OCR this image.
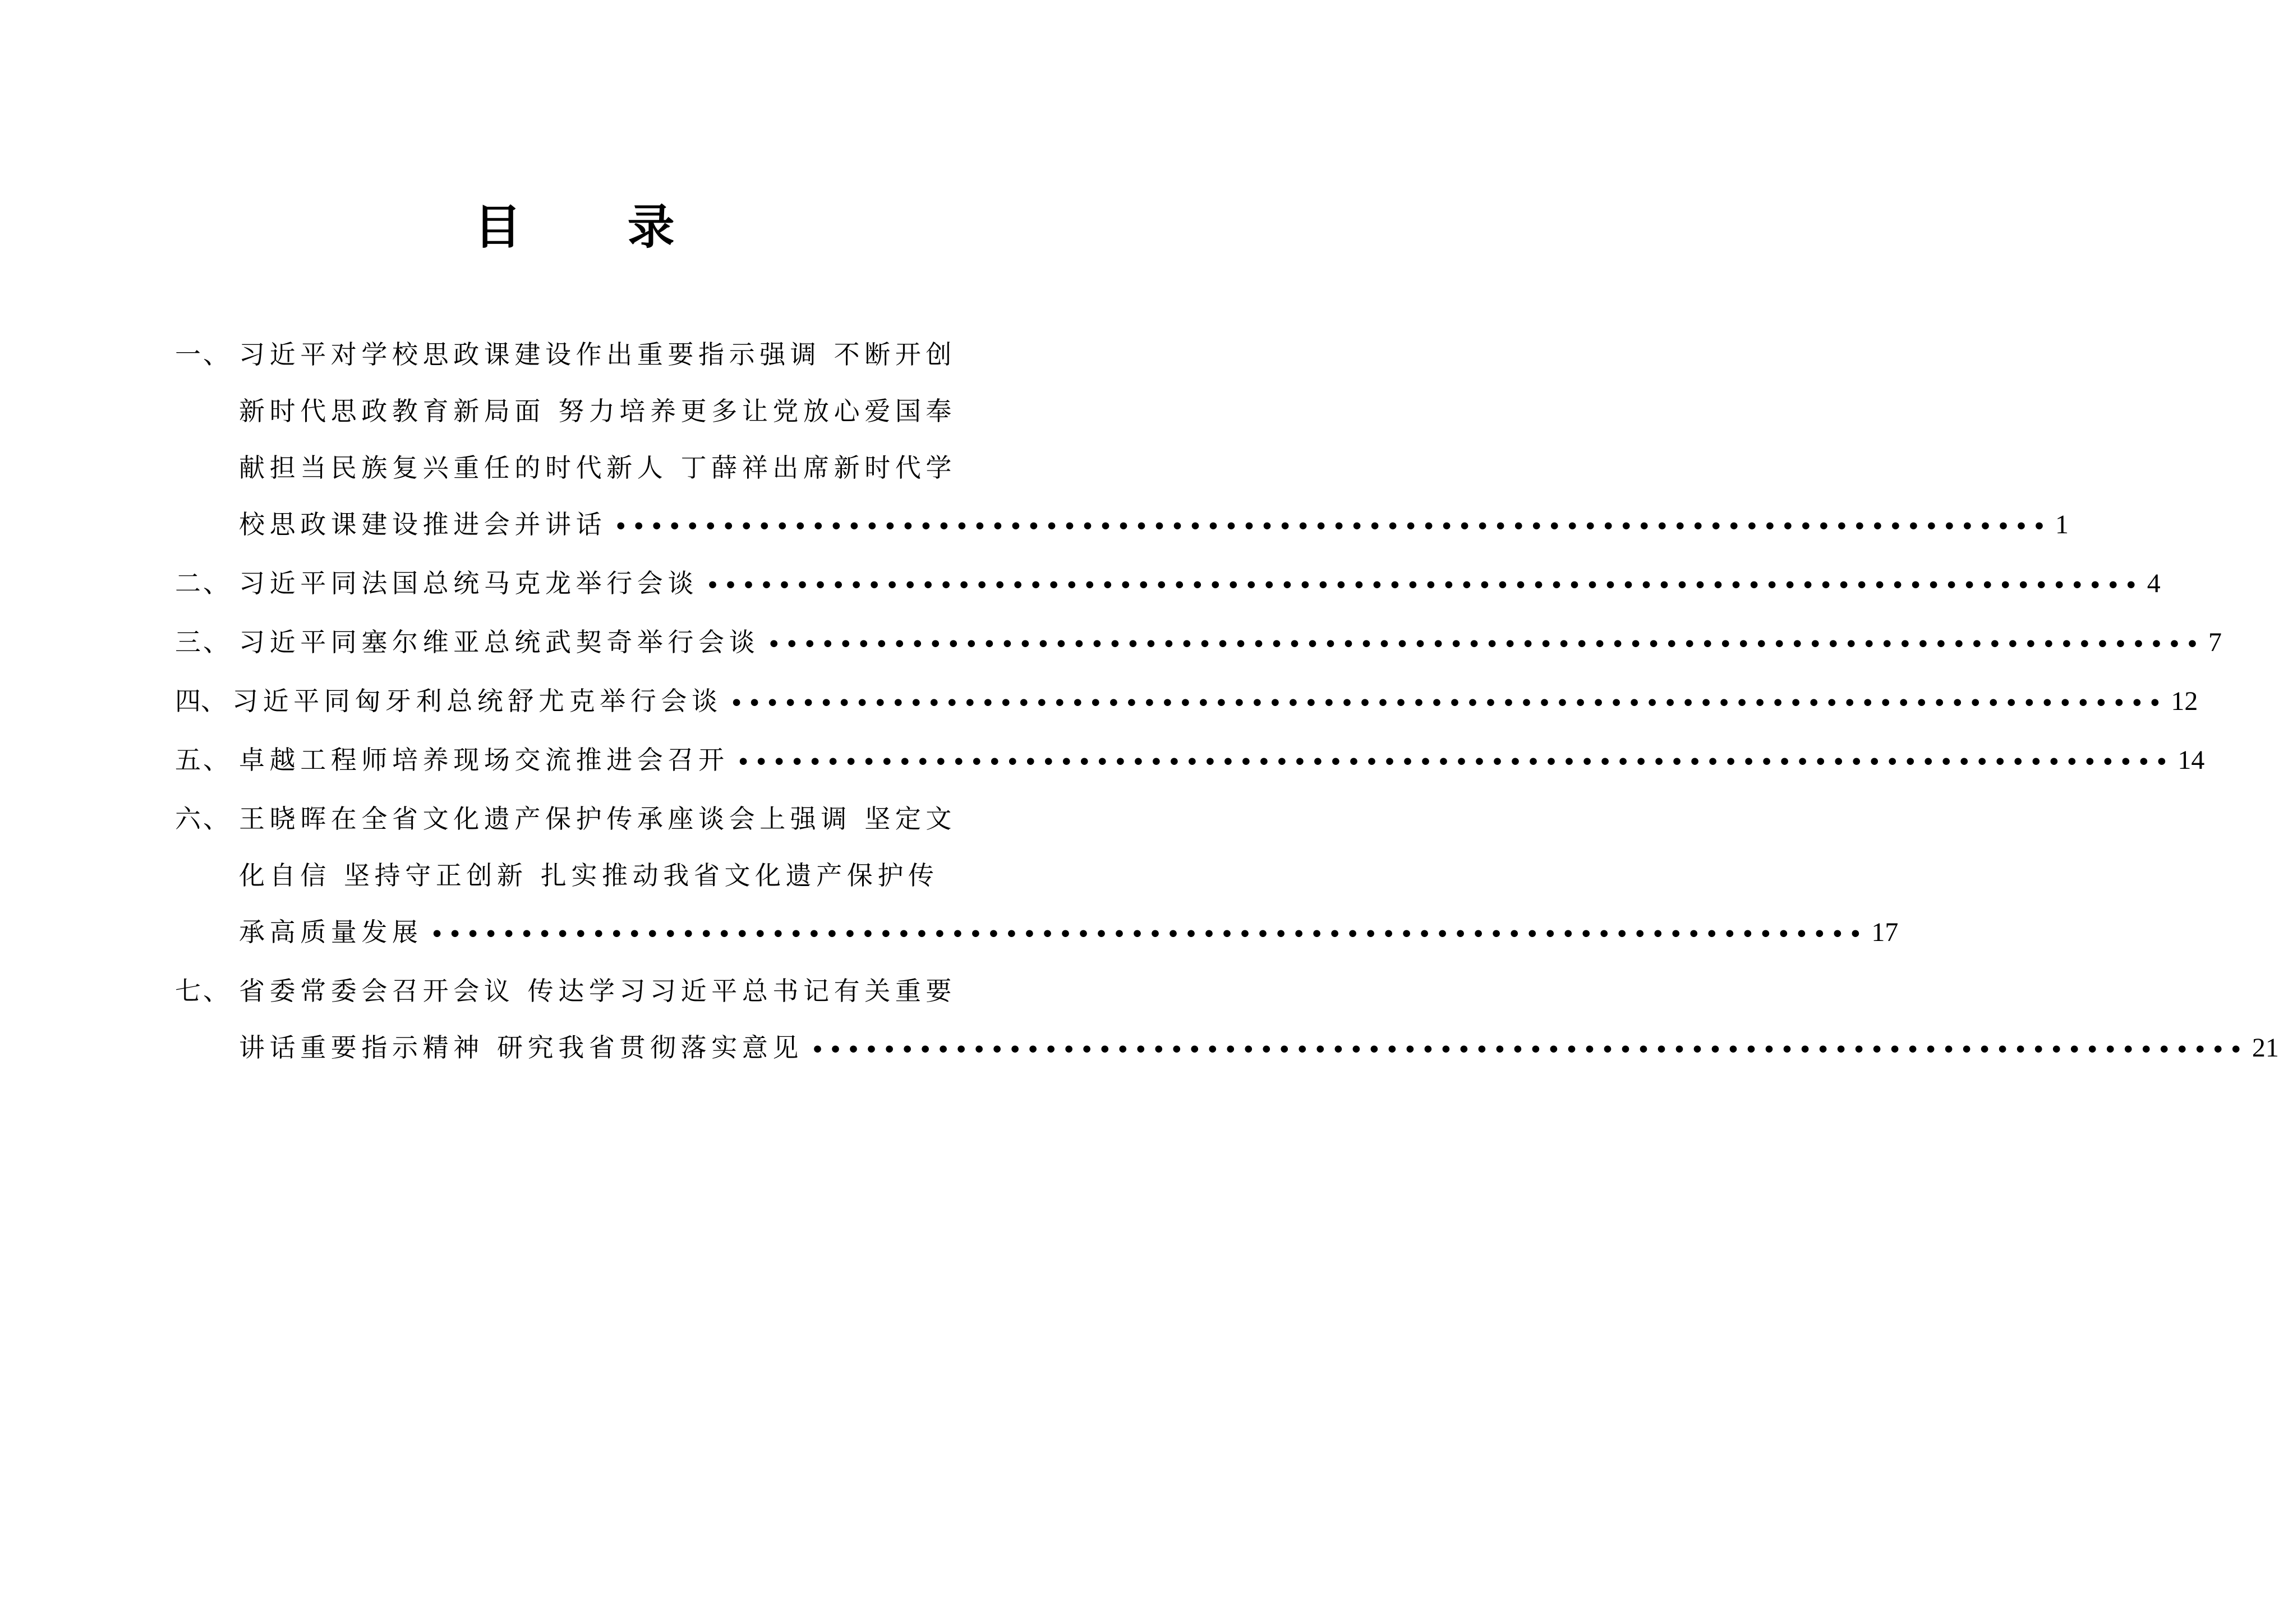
目 录
一、 习近平对学校思政课建设作出重要指示强调 不断开创
新时代思政教育新局面 努力培养更多让党放心爱国奉
献担当民族复兴重任的时代新人 丁薛祥出席新时代学
校思政课建设推进会并讲话 •••••••••••••••••••••••••••••••••••••••••••••••••••••••••••••••••••••••••••••••• 1
二、 习近平同法国总统马克龙举行会谈 •••••••••••••••••••••••••••••••••••••••••••••••••••••••••••••••••••••••••••••••• 4
三、 习近平同塞尔维亚总统武契奇举行会谈 •••••••••••••••••••••••••••••••••••••••••••••••••••••••••••••••••••••••••••••••• 7
四、 习近平同匈牙利总统舒尤克举行会谈 •••••••••••••••••••••••••••••••••••••••••••••••••••••••••••••••••••••••••••••••• 12
五、 卓越工程师培养现场交流推进会召开 •••••••••••••••••••••••••••••••••••••••••••••••••••••••••••••••••••••••••••••••• 14
六、 王晓晖在全省文化遗产保护传承座谈会上强调 坚定文
化自信 坚持守正创新 扎实推动我省文化遗产保护传
承高质量发展 •••••••••••••••••••••••••••••••••••••••••••••••••••••••••••••••••••••••••••••••• 17
七、 省委常委会召开会议 传达学习习近平总书记有关重要
讲话重要指示精神 研究我省贯彻落实意见 •••••••••••••••••••••••••••••••••••••••••••••••••••••••••••••••••••••••••••••••• 21
